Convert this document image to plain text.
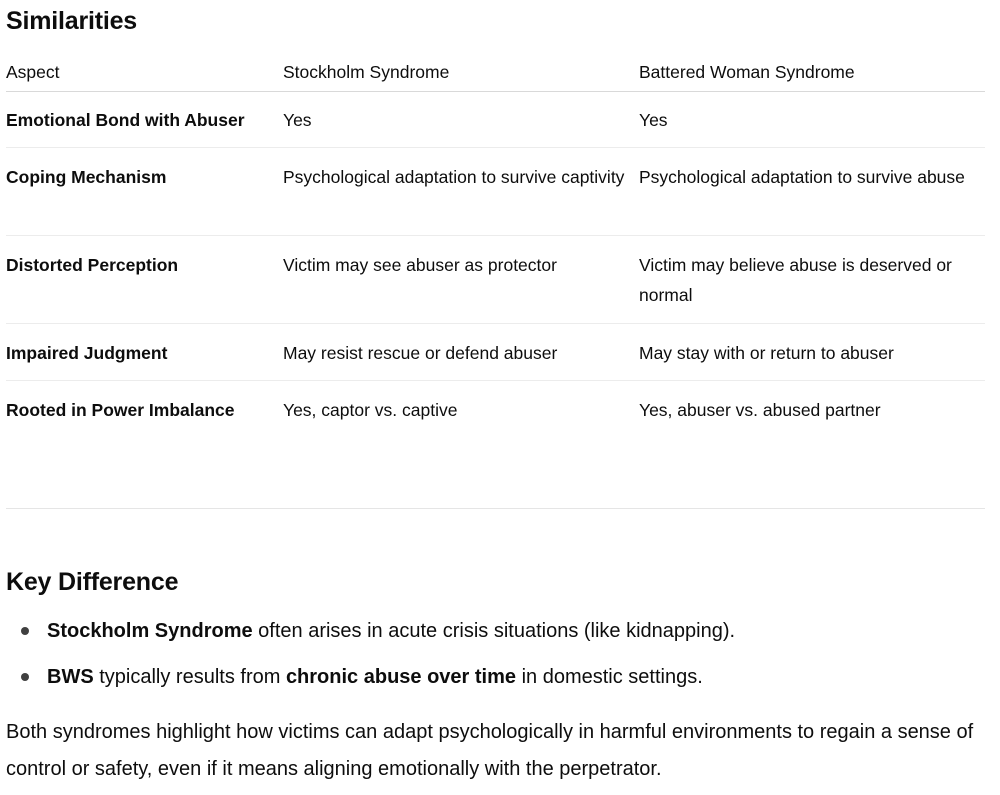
Similarities
Aspect	Stockholm Syndrome	Battered Woman Syndrome
Emotional Bond with Abuser	Yes	Yes
Coping Mechanism	Psychological adaptation to survive captivity	Psychological adaptation to survive abuse
Distorted Perception	Victim may see abuser as protector	Victim may believe abuse is deserved or normal
Impaired Judgment	May resist rescue or defend abuser	May stay with or return to abuser
Rooted in Power Imbalance	Yes, captor vs. captive	Yes, abuser vs. abused partner
Key Difference
Stockholm Syndrome often arises in acute crisis situations (like kidnapping).
BWS typically results from chronic abuse over time in domestic settings.

Both syndromes highlight how victims can adapt psychologically in harmful environments to regain a sense of control or safety, even if it means aligning emotionally with the perpetrator.
